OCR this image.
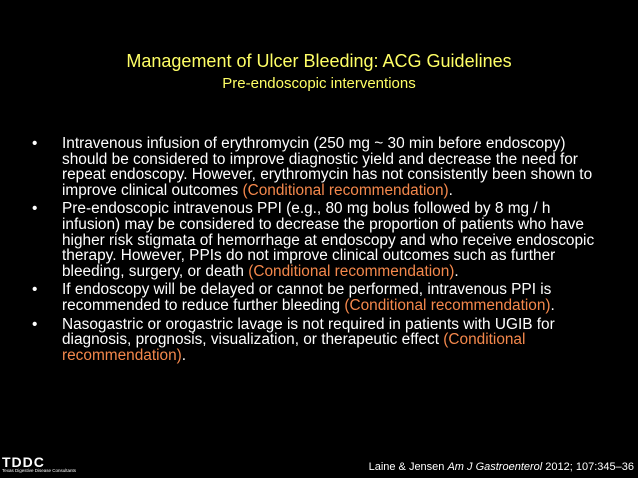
Management of Ulcer Bleeding: ACG Guidelines
Pre-endoscopic interventions
• Intravenous infusion of erythromycin (250 mg ~ 30 min before endoscopy) should be considered to improve diagnostic yield and decrease the need for repeat endoscopy. However, erythromycin has not consistently been shown to improve clinical outcomes (Conditional recommendation).
• Pre-endoscopic intravenous PPI (e.g., 80 mg bolus followed by 8 mg / h infusion) may be considered to decrease the proportion of patients who have higher risk stigmata of hemorrhage at endoscopy and who receive endoscopic therapy. However, PPIs do not improve clinical outcomes such as further bleeding, surgery, or death (Conditional recommendation).
• If endoscopy will be delayed or cannot be performed, intravenous PPI is recommended to reduce further bleeding (Conditional recommendation).
• Nasogastric or orogastric lavage is not required in patients with UGIB for diagnosis, prognosis, visualization, or therapeutic effect (Conditional recommendation).
TDDC
Texas Digestive Disease Consultants	Laine & Jensen Am J Gastroenterol 2012; 107:345–36
